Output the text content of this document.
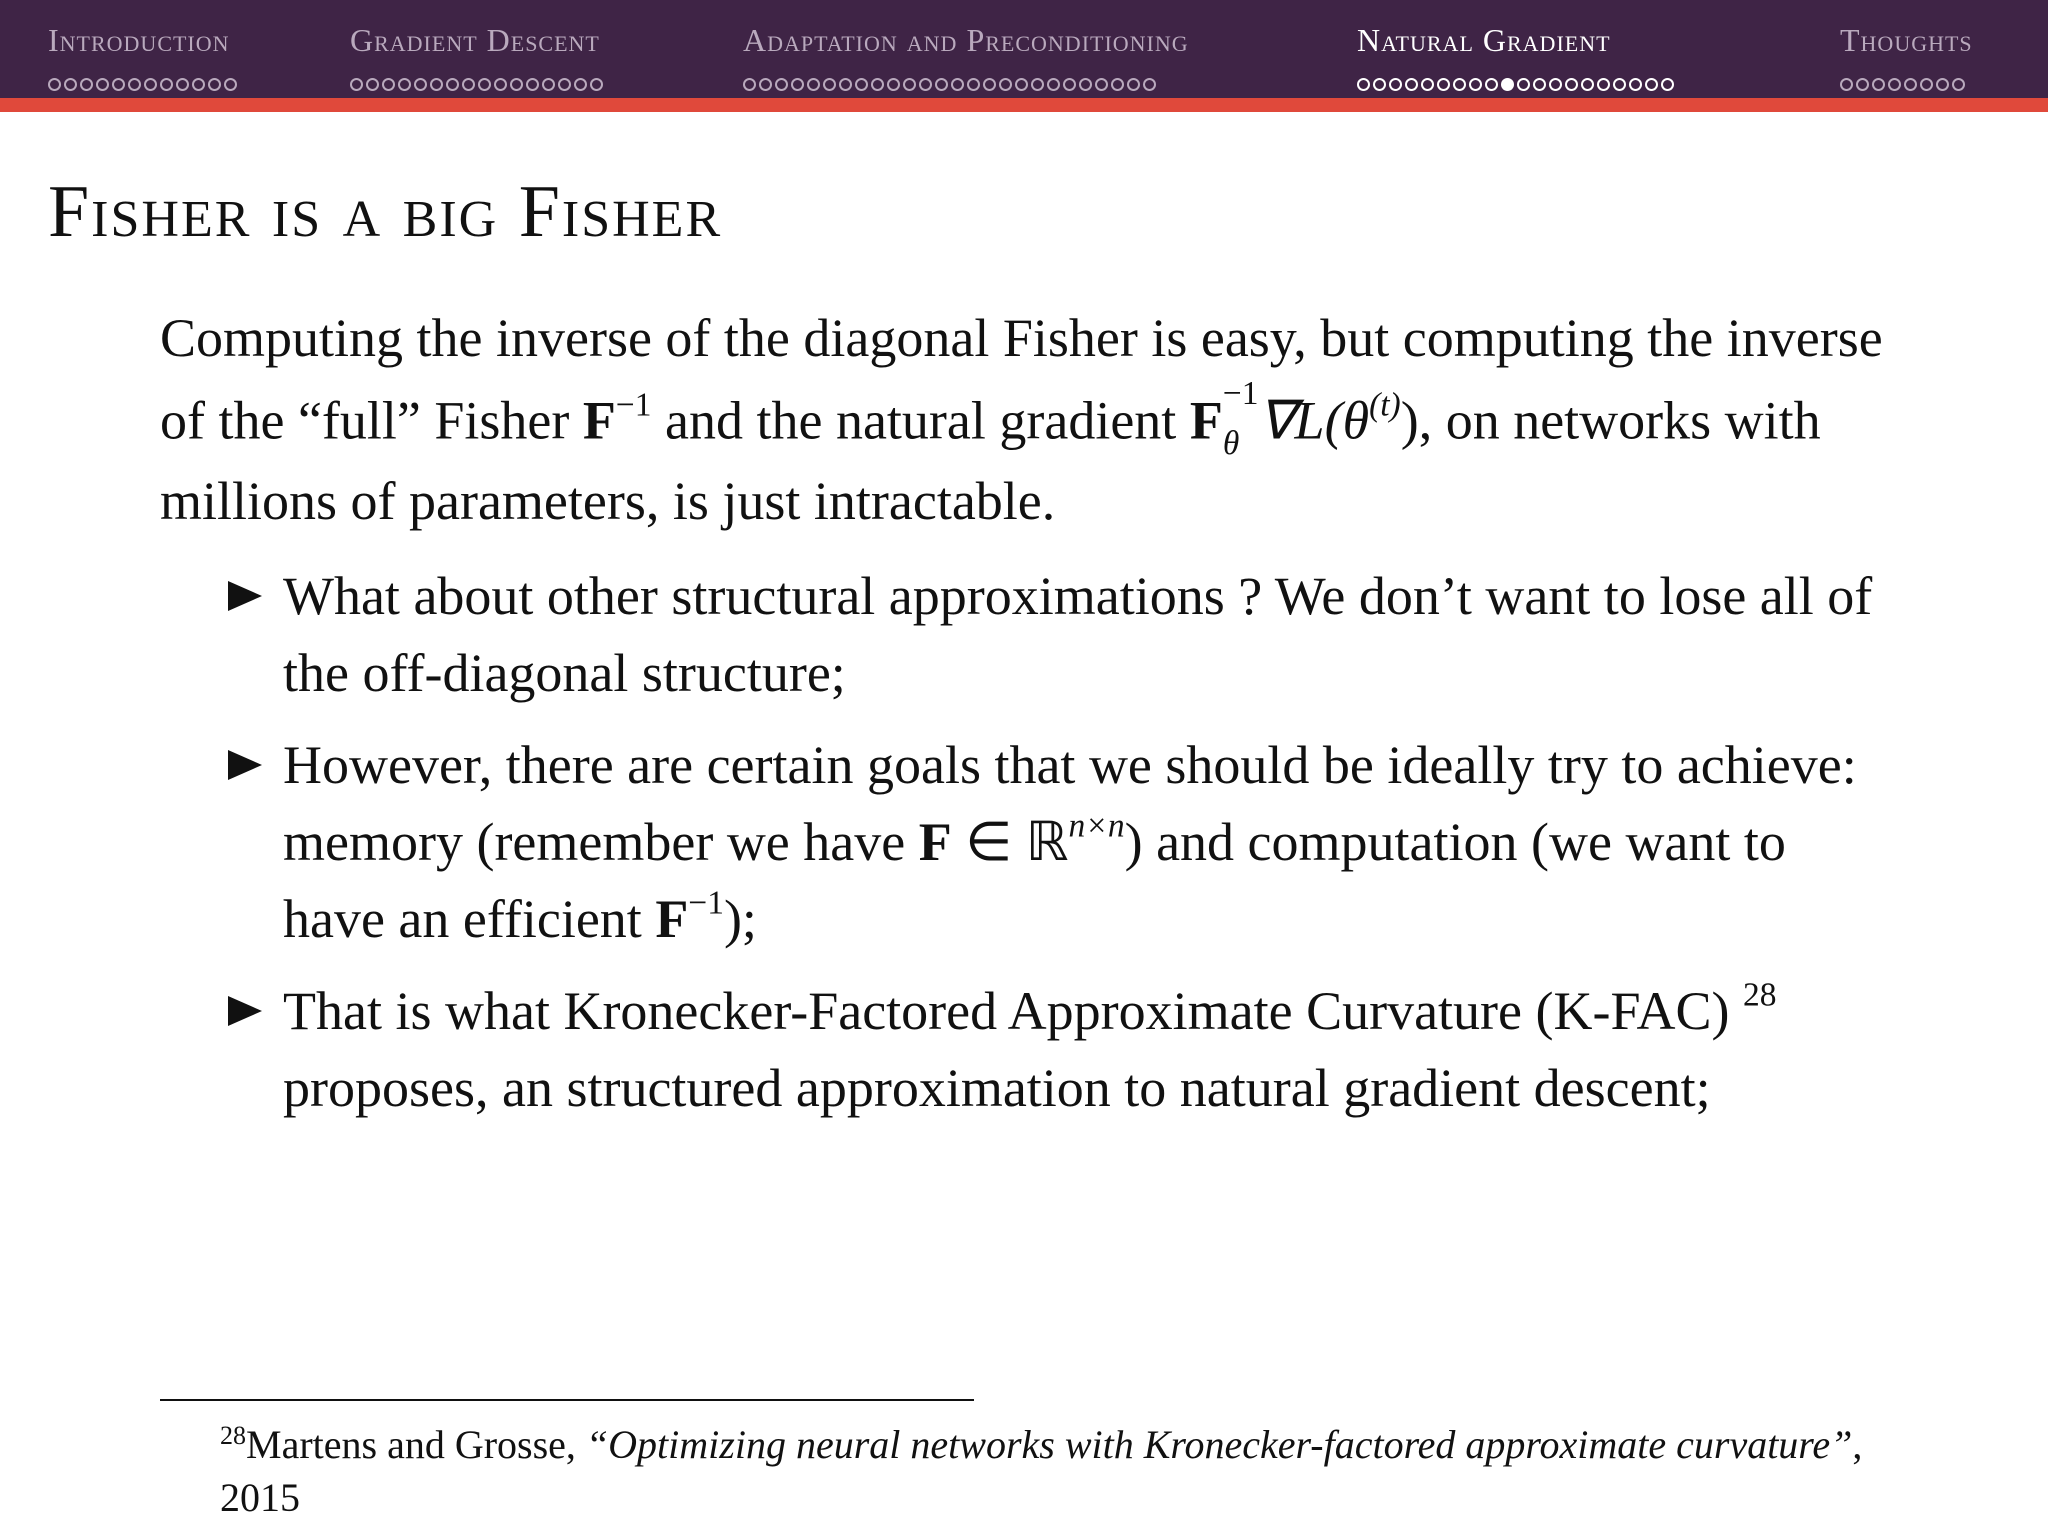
Introduction	Gradient Descent	Adaptation and Preconditioning	Natural Gradient	Thoughts
Fisher is a big Fisher

Computing the inverse of the diagonal Fisher is easy, but computing the inverse of the “full” Fisher $F^{-1}$ and the natural gradient F −1
θ $\nabla L(\theta^{(t)})$, on networks with millions of parameters, is just intractable.

What about other structural approximations ? We don’t want to lose all of the off-diagonal structure;
However, there are certain goals that we should be ideally try to achieve: memory (remember we have F ∈ ℝ$^{n\times n}$) and computation (we want to have an efficient $F^{-1}$);
That is what Kronecker-Factored Approximate Curvature (K-FAC) $^{28}$ proposes, an structured approximation to natural gradient descent;
$^{28}$Martens and Grosse, “Optimizing neural networks with Kronecker-factored approximate curvature”, 2015
